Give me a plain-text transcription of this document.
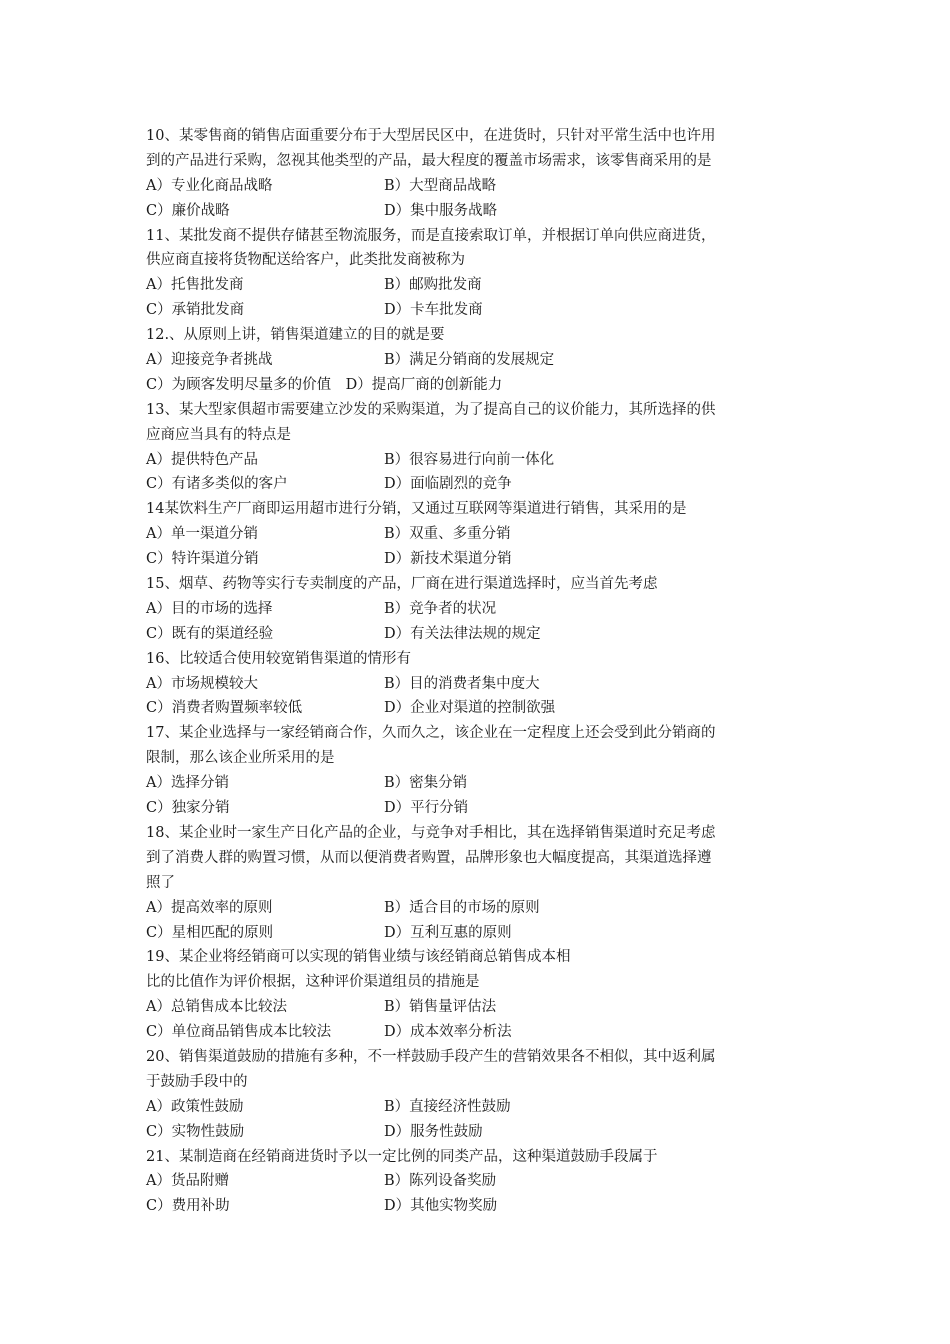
10、某零售商的销售店面重要分布于大型居民区中，在进货时，只针对平常生活中也许用
到的产品进行采购，忽视其他类型的产品，最大程度的覆盖市场需求，该零售商采用的是
A）专业化商品战略	B）大型商品战略
C）廉价战略	D）集中服务战略
11、某批发商不提供存储甚至物流服务，而是直接索取订单，并根据订单向供应商进货，
供应商直接将货物配送给客户，此类批发商被称为
A）托售批发商	B）邮购批发商
C）承销批发商	D）卡车批发商
12.、从原则上讲，销售渠道建立的目的就是要
A）迎接竞争者挑战	B）满足分销商的发展规定
C）为顾客发明尽量多的价值　D）提高厂商的创新能力
13、某大型家俱超市需要建立沙发的采购渠道，为了提高自己的议价能力，其所选择的供
应商应当具有的特点是
A）提供特色产品	B）很容易进行向前一体化
C）有诸多类似的客户	D）面临剧烈的竞争
14某饮料生产厂商即运用超市进行分销，又通过互联网等渠道进行销售，其采用的是
A）单一渠道分销	B）双重、多重分销
C）特许渠道分销	D）新技术渠道分销
15、烟草、药物等实行专卖制度的产品，厂商在进行渠道选择时，应当首先考虑
A）目的市场的选择	B）竞争者的状况
C）既有的渠道经验	D）有关法律法规的规定
16、比较适合使用较宽销售渠道的情形有
A）市场规模较大	B）目的消费者集中度大
C）消费者购置频率较低	D）企业对渠道的控制欲强
17、某企业选择与一家经销商合作，久而久之，该企业在一定程度上还会受到此分销商的
限制，那么该企业所采用的是
A）选择分销	B）密集分销
C）独家分销	D）平行分销
18、某企业时一家生产日化产品的企业，与竞争对手相比，其在选择销售渠道时充足考虑
到了消费人群的购置习惯，从而以便消费者购置，品牌形象也大幅度提高，其渠道选择遵
照了
A）提高效率的原则	B）适合目的市场的原则
C）星相匹配的原则	D）互利互惠的原则
19、某企业将经销商可以实现的销售业绩与该经销商总销售成本相
比的比值作为评价根据，这种评价渠道组员的措施是
A）总销售成本比较法	B）销售量评估法
C）单位商品销售成本比较法	D）成本效率分析法
20、销售渠道鼓励的措施有多种，不一样鼓励手段产生的营销效果各不相似，其中返利属
于鼓励手段中的
A）政策性鼓励	B）直接经济性鼓励
C）实物性鼓励	D）服务性鼓励
21、某制造商在经销商进货时予以一定比例的同类产品，这种渠道鼓励手段属于
A）货品附赠	B）陈列设备奖励
C）费用补助	D）其他实物奖励
